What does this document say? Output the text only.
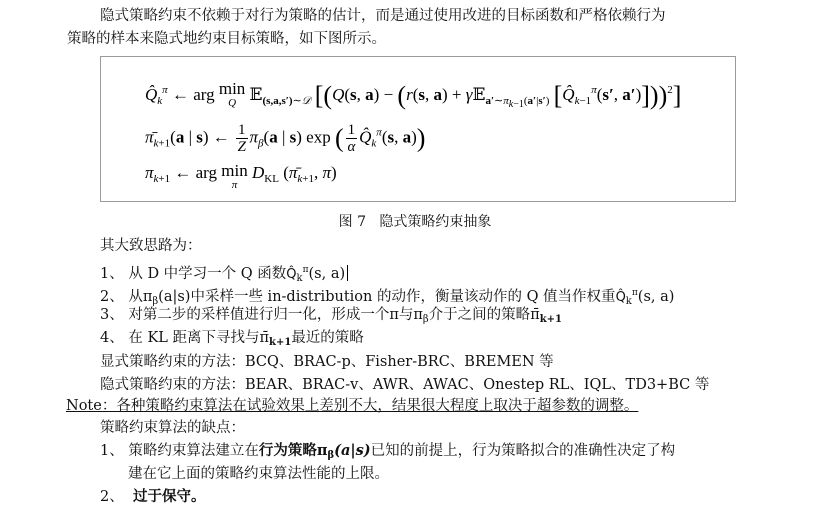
隐式策略约束不依赖于对行为策略的估计，而是通过使用改进的目标函数和严格依赖行为
策略的样本来隐式地约束目标策略，如下图所示。
$Q̂_k^\pi$ ← arg min
Q 𝔼$_{(s,a,s')\sim 𝒟}$ [(Q(s, a) − (r(s, a) + γ𝔼$_{a'\sim\pi k-1(a'|s')}$ [$Q̂_{k-1}^\pi(s'$, a′)]))$^2$]
$\pī_{k+1}(a$ | s) ← $\frac{1}{Z} \pi_\beta(a$ | s) exp ( $\frac{1}{\alpha}$ $Q̂_k^\pi(s$, a))
$\pi_{k+1}$ ← arg min
π
$D_{KL}$ ($\pī_{k+1}$, π)
图 7 隐式策略约束抽象
其大致思路为：
1、 从 D 中学习一个 Q 函数$Q̂_k^\pi(s$, a)
2、 从$\pi_\beta(a|s)$中采样一些 in-distribution 的动作，衡量该动作的 Q 值当作权重$Q̂_k^\pi(s$, a)
3、 对第二步的采样值进行归一化，形成一个π与$\pi_\beta$介于之间的策略$\pī_{k+1}$
4、 在 KL 距离下寻找与$\pī_{k+1}$最近的策略
显式策略约束的方法：BCQ、BRAC-p、Fisher-BRC、BREMEN 等
隐式策略约束的方法：BEAR、BRAC-v、AWR、AWAC、Onestep RL、IQL、TD3+BC 等
Note：各种策略约束算法在试验效果上差别不大，结果很大程度上取决于超参数的调整。
策略约束算法的缺点：
1、 策略约束算法建立在行为策略$\pi_\beta(a|s)$已知的前提上，行为策略拟合的准确性决定了构
建在它上面的策略约束算法性能的上限。
2、 过于保守。
